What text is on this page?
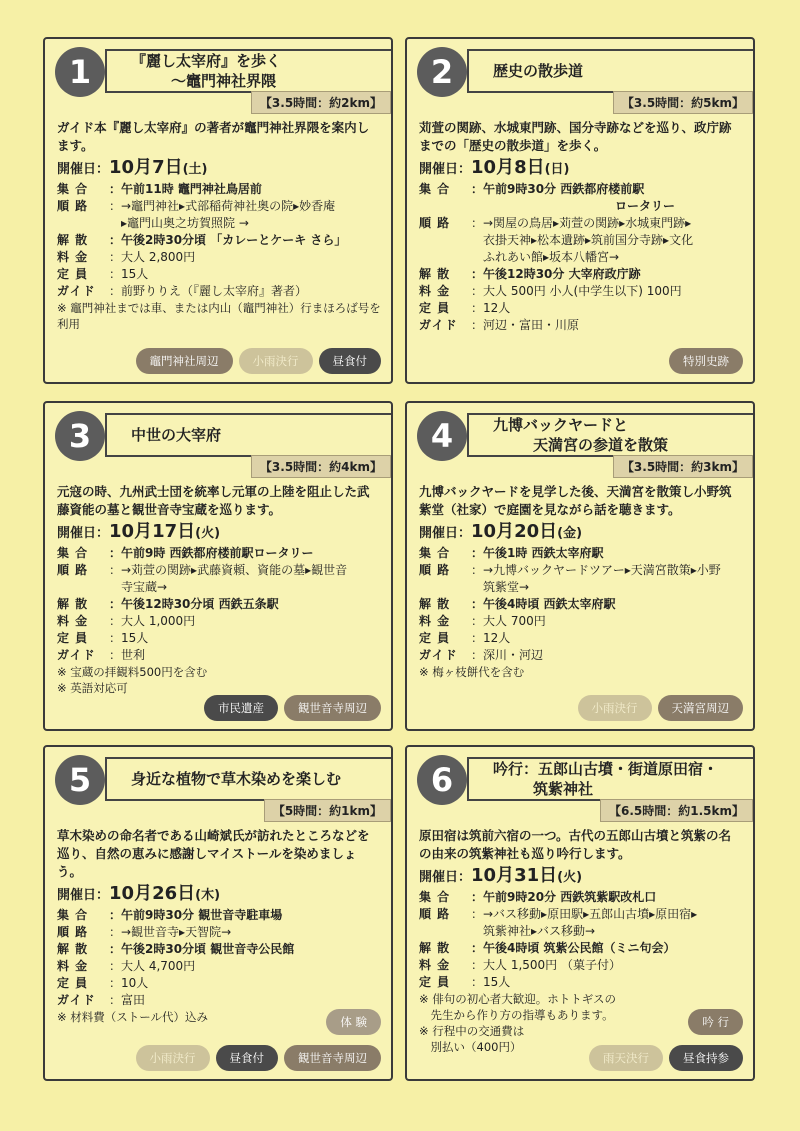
1	『麗し太宰府』を歩く
～竈門神社界隈
【3.5時間：約2km】
ガイド本『麗し太宰府』の著者が竈門神社界隈を案内します。
開催日：10月7日(土)
集 合	：午前11時 竈門神社鳥居前
順 路	：→竈門神社▸式部稲荷神社奥の院▸妙香庵
　▸竈門山奥之坊賀照院 →
解 散	：午後2時30分頃 「カレーとケーキ さら」
料 金	：大人 2,800円
定 員	：15人
ガイド	：前野りりえ（『麗し太宰府』著者）
※ 竈門神社までは車、または内山（竈門神社）行まほろば号を利用
竈門神社周辺	小雨決行	昼食付
2	歴史の散歩道
【3.5時間：約5km】
苅萱の関跡、水城東門跡、国分寺跡などを巡り、政庁跡までの「歴史の散歩道」を歩く。
開催日：10月8日(日)
集 合	：午前9時30分 西鉄都府楼前駅
　　　　　　　　　　　　ロータリー
順 路	：→関屋の鳥居▸苅萱の関跡▸水城東門跡▸
　衣掛天神▸松本遺跡▸筑前国分寺跡▸文化
　ふれあい館▸坂本八幡宮→
解 散	：午後12時30分 大宰府政庁跡
料 金	：大人 500円 小人(中学生以下) 100円
定 員	：12人
ガイド	：河辺・富田・川原
特別史跡
3	中世の大宰府
【3.5時間：約4km】
元寇の時、九州武士団を統率し元軍の上陸を阻止した武藤資能の墓と観世音寺宝蔵を巡ります。
開催日：10月17日(火)
集 合	：午前9時 西鉄都府楼前駅ロータリー
順 路	：→苅萱の関跡▸武藤資頼、資能の墓▸観世音
　寺宝蔵→
解 散	：午後12時30分頃 西鉄五条駅
料 金	：大人 1,000円
定 員	：15人
ガイド	：世利
※ 宝蔵の拝観料500円を含む
※ 英語対応可
市民遺産	観世音寺周辺
4	九博バックヤードと
天満宮の参道を散策
【3.5時間：約3km】
九博バックヤードを見学した後、天満宮を散策し小野筑紫堂（社家）で庭園を見ながら話を聴きます。
開催日：10月20日(金)
集 合	：午後1時 西鉄太宰府駅
順 路	：→九博バックヤードツアー▸天満宮散策▸小野
　筑紫堂→
解 散	：午後4時頃 西鉄太宰府駅
料 金	：大人 700円
定 員	：12人
ガイド	：深川・河辺
※ 梅ヶ枝餅代を含む
小雨決行	天満宮周辺
5	身近な植物で草木染めを楽しむ
【5時間：約1km】
草木染めの命名者である山崎斌氏が訪れたところなどを巡り、自然の恵みに感謝しマイストールを染めましょう。
開催日：10月26日(木)
集 合	：午前9時30分 観世音寺駐車場
順 路	：→観世音寺▸天智院→
解 散	：午後2時30分頃 観世音寺公民館
料 金	：大人 4,700円
定 員	：10人
ガイド	：富田
※ 材料費（ストール代）込み	体 験
小雨決行	昼食付	観世音寺周辺
6	吟行：五郎山古墳・街道原田宿・
筑紫神社
【6.5時間：約1.5km】
原田宿は筑前六宿の一つ。古代の五郎山古墳と筑紫の名の由来の筑紫神社も巡り吟行します。
開催日：10月31日(火)
集 合	：午前9時20分 西鉄筑紫駅改札口
順 路	：→バス移動▸原田駅▸五郎山古墳▸原田宿▸
　筑紫神社▸バス移動→
解 散	：午後4時頃 筑紫公民館（ミニ句会）
料 金	：大人 1,500円 （菓子付）
定 員	：15人
※ 俳句の初心者大歓迎。ホトトギスの
　先生から作り方の指導もあります。
※ 行程中の交通費は
　別払い（400円）
吟 行
雨天決行	昼食持参
